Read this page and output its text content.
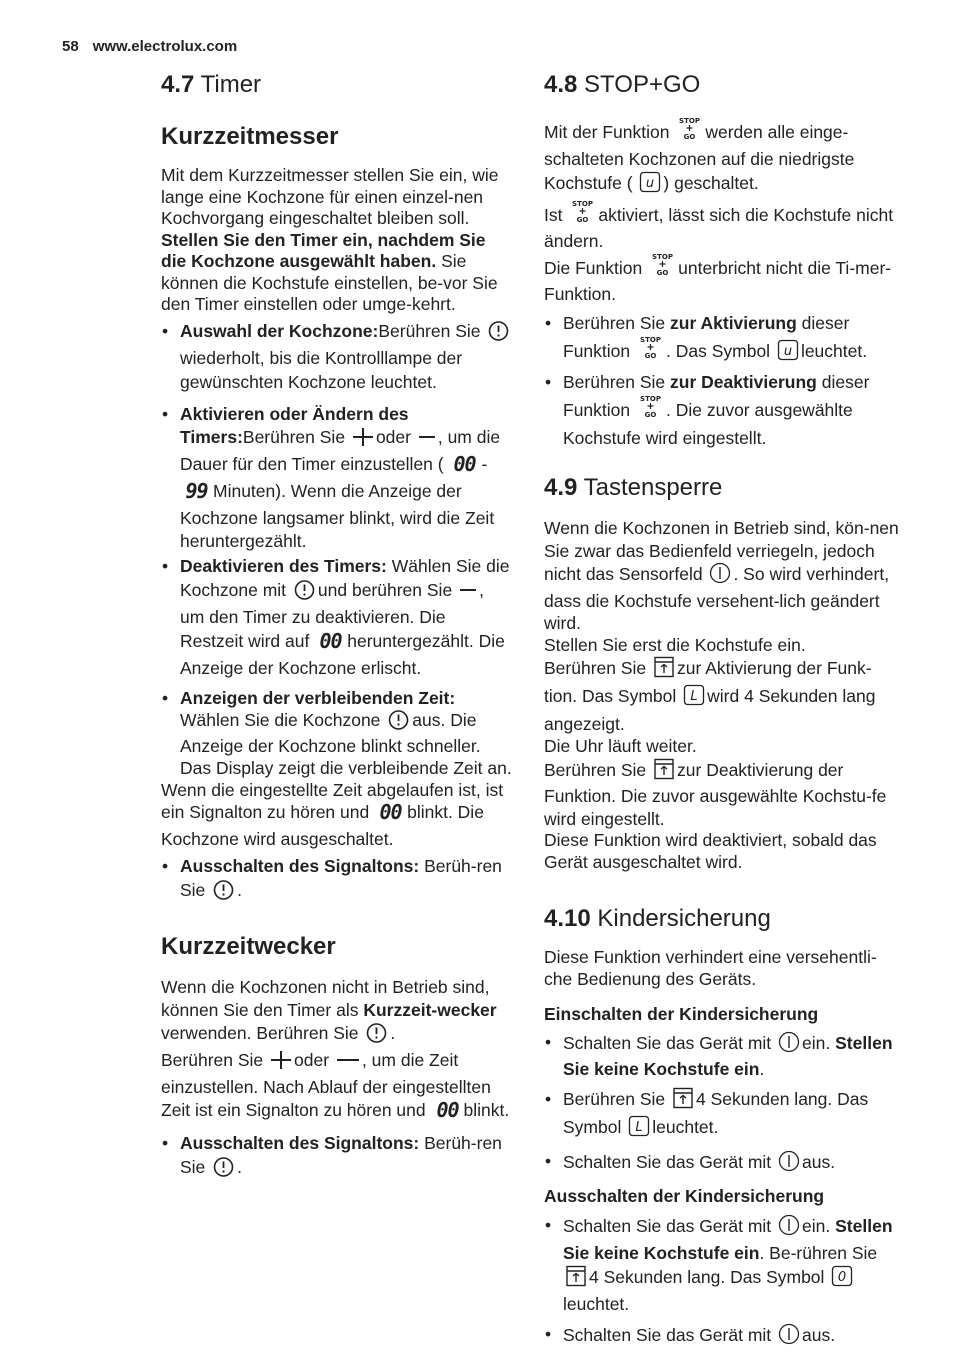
58 www.electrolux.com
4.7 Timer
Kurzzeitmesser

Mit dem Kurzzeitmesser stellen Sie ein, wie lange eine Kochzone für einen einzel-nen Kochvorgang eingeschaltet bleiben soll.

Stellen Sie den Timer ein, nachdem Sie die Kochzone ausgewählt haben. Sie können die Kochstufe einstellen, be-vor Sie den Timer einstellen oder umge-kehrt.

• Auswahl der Kochzone:Berühren Sie wiederholt, bis die Kontrolllampe der gewünschten Kochzone leuchtet.
• Aktivieren oder Ändern des Timers:Berühren Sie oder , um die Dauer für den Timer einzustellen ( 00 -
99 Minuten). Wenn die Anzeige der Kochzone langsamer blinkt, wird die Zeit heruntergezählt.
• Deaktivieren des Timers: Wählen Sie die Kochzone mit und berühren Sie , um den Timer zu deaktivieren. Die Restzeit wird auf 00 heruntergezählt. Die Anzeige der Kochzone erlischt.
• Anzeigen der verbleibenden Zeit: Wählen Sie die Kochzone aus. Die Anzeige der Kochzone blinkt schneller. Das Display zeigt die verbleibende Zeit an.

Wenn die eingestellte Zeit abgelaufen ist, ist ein Signalton zu hören und 00 blinkt. Die Kochzone wird ausgeschaltet.

• Ausschalten des Signaltons: Berüh-ren Sie .
Kurzzeitwecker

Wenn die Kochzonen nicht in Betrieb sind, können Sie den Timer als Kurzzeit-wecker verwenden. Berühren Sie .

Berühren Sie oder , um die Zeit einzustellen. Nach Ablauf der eingestellten Zeit ist ein Signalton zu hören und 00 blinkt.

• Ausschalten des Signaltons: Berüh-ren Sie .
4.8 STOP+GO

Mit der Funktion
STOP
GO werden alle einge-schalteten Kochzonen auf die niedrigste Kochstufe ( u ) geschaltet.

Ist
STOP
GO aktiviert, lässt sich die Kochstufe nicht ändern.

Die Funktion
STOP
GO unterbricht nicht die Ti-mer-Funktion.

• Berühren Sie zur Aktivierung dieser Funktion
STOP
GO . Das Symbol u leuchtet.
• Berühren Sie zur Deaktivierung dieser Funktion
STOP
GO . Die zuvor ausgewählte Kochstufe wird eingestellt.
4.9 Tastensperre

Wenn die Kochzonen in Betrieb sind, kön-nen Sie zwar das Bedienfeld verriegeln, jedoch nicht das Sensorfeld . So wird verhindert, dass die Kochstufe versehent-lich geändert wird.

Stellen Sie erst die Kochstufe ein.

Berühren Sie zur Aktivierung der Funk-tion. Das Symbol L wird 4 Sekunden lang angezeigt.

Die Uhr läuft weiter.

Berühren Sie zur Deaktivierung der Funktion. Die zuvor ausgewählte Kochstu-fe wird eingestellt.

Diese Funktion wird deaktiviert, sobald das Gerät ausgeschaltet wird.

4.10 Kindersicherung

Diese Funktion verhindert eine versehentli-che Bedienung des Geräts.

Einschalten der Kindersicherung
• Schalten Sie das Gerät mit ein. Stellen Sie keine Kochstufe ein.
• Berühren Sie 4 Sekunden lang. Das Symbol L leuchtet.
• Schalten Sie das Gerät mit aus.
Ausschalten der Kindersicherung
• Schalten Sie das Gerät mit ein. Stellen Sie keine Kochstufe ein. Be-rühren Sie 4 Sekunden lang. Das Symbol 0
leuchtet.
• Schalten Sie das Gerät mit aus.
